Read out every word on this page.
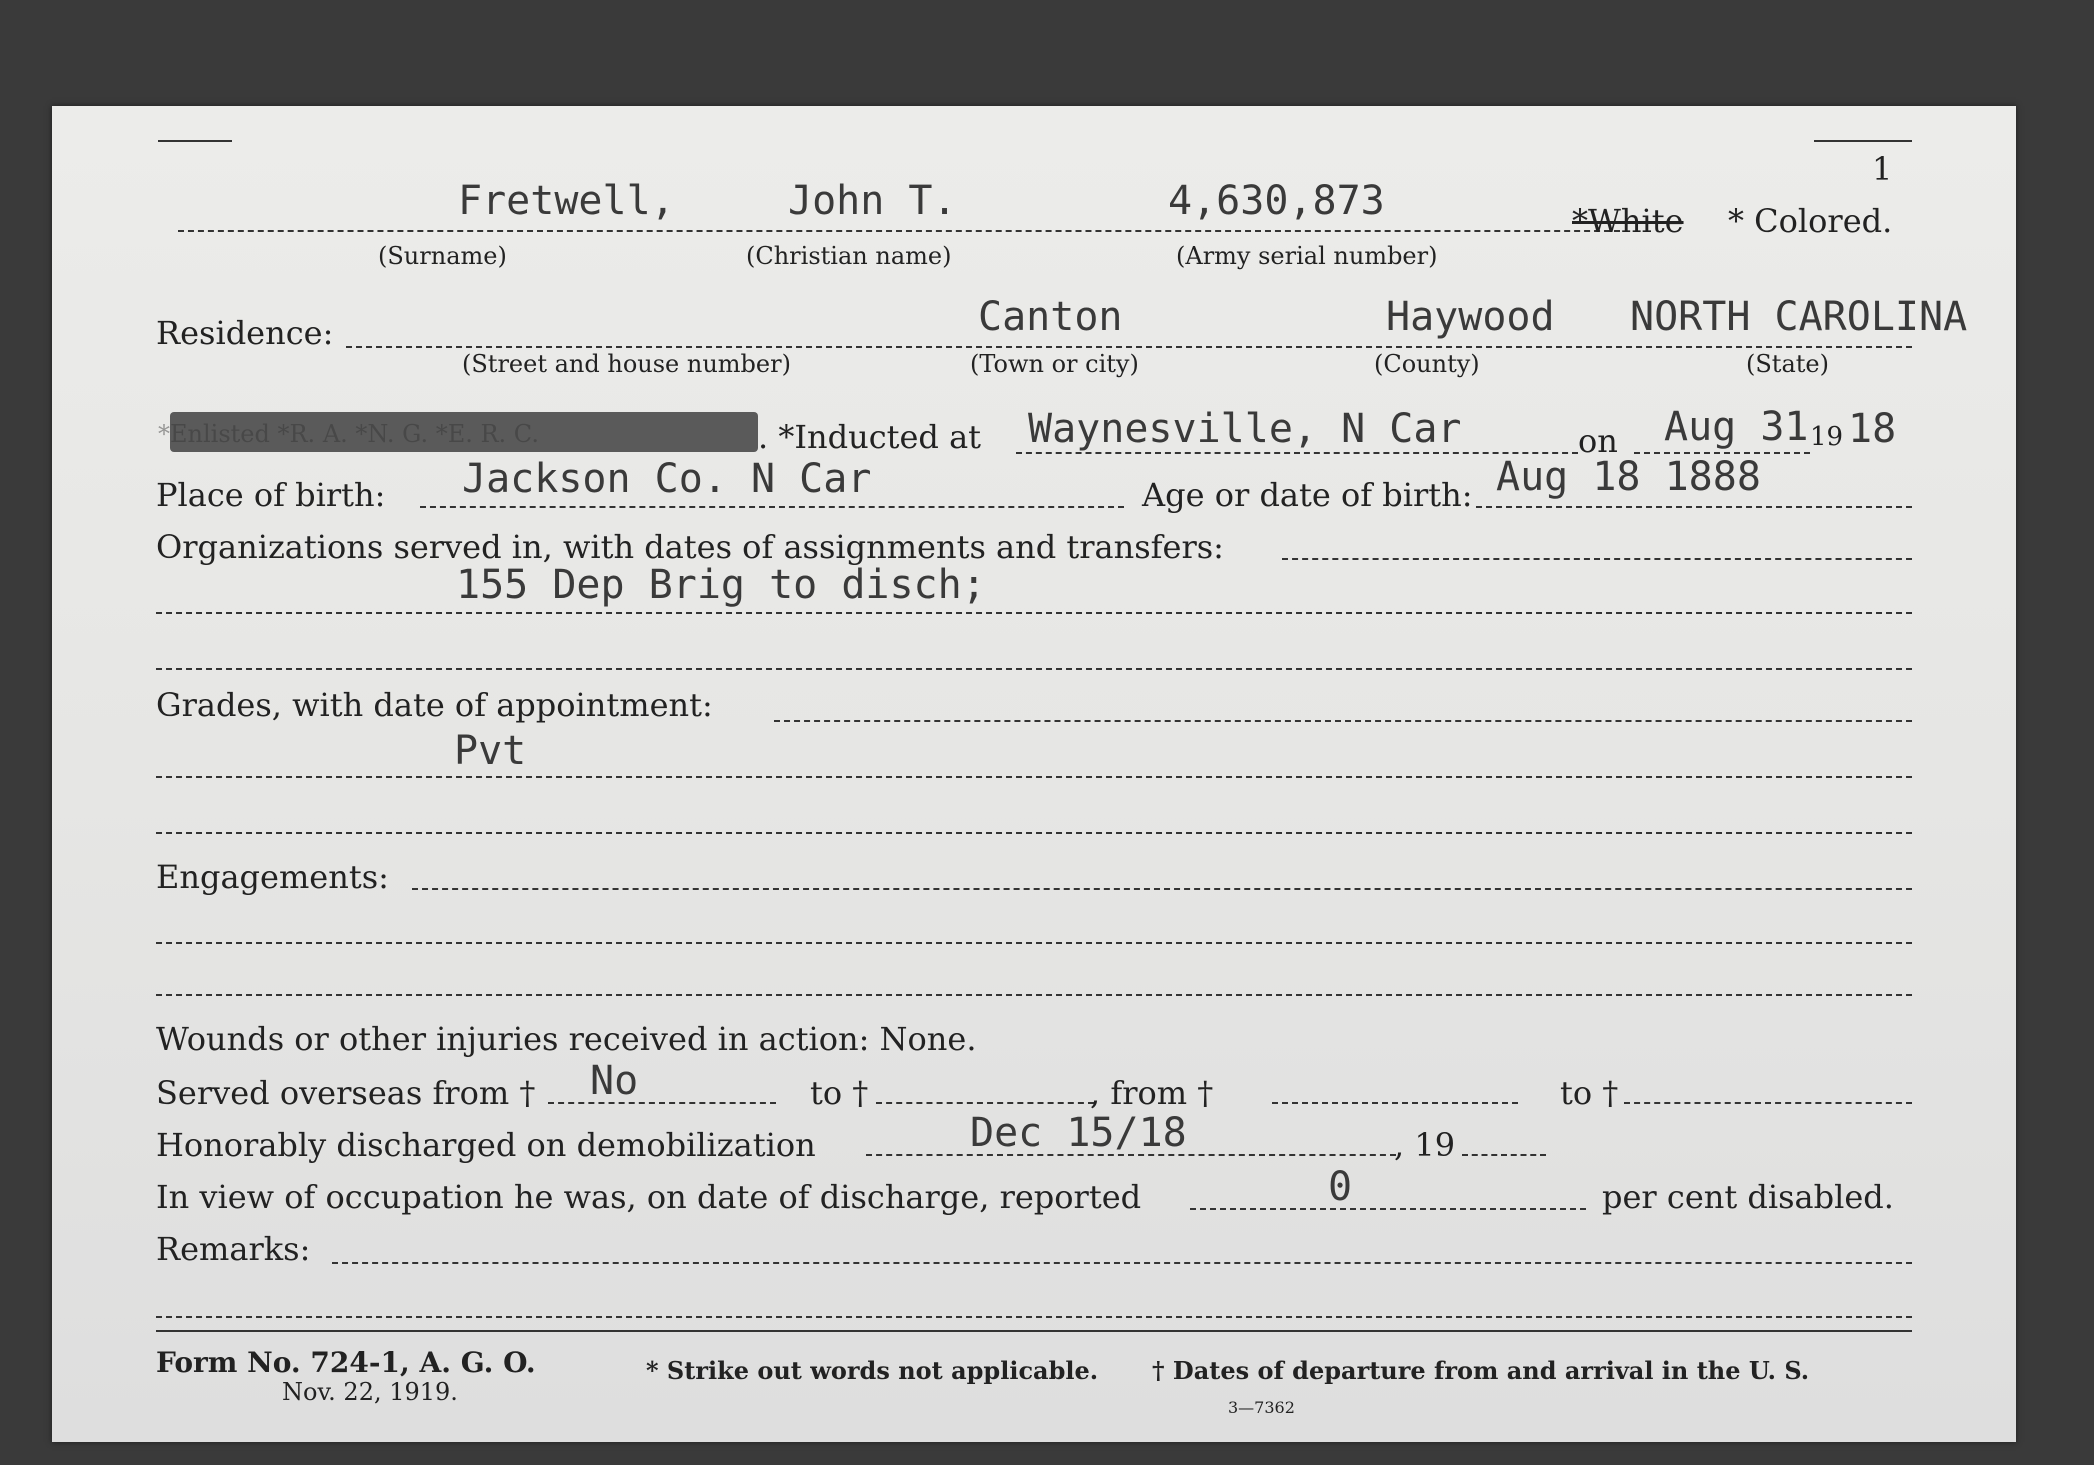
1
Fretwell,	John T.	4,630,873	*White * Colored.
(Surname)	(Christian name)	(Army serial number)
Residence:	Canton	Haywood NORTH CAROLINA
(Street and house number)	(Town or city)	(County)	(State)
*Enlisted *R. A. *N. G. *E. R. C.	. *Inducted at Waynesville, N Car	on Aug 31 19 18
Place of birth: Jackson Co. N Car	Age or date of birth: Aug 18 1888
Organizations served in, with dates of assignments and transfers:
155 Dep Brig to disch;
Grades, with date of appointment:
Pvt
Engagements:
Wounds or other injuries received in action: None.
Served overseas from † No	to †	, from †	to †
Honorably discharged on demobilization	Dec 15/18	, 19
In view of occupation he was, on date of discharge, reported	0	per cent disabled.
Remarks:
Form No. 724-1, A. G. O.
Nov. 22, 1919.
* Strike out words not applicable. † Dates of departure from and arrival in the U. S.
3—7362
